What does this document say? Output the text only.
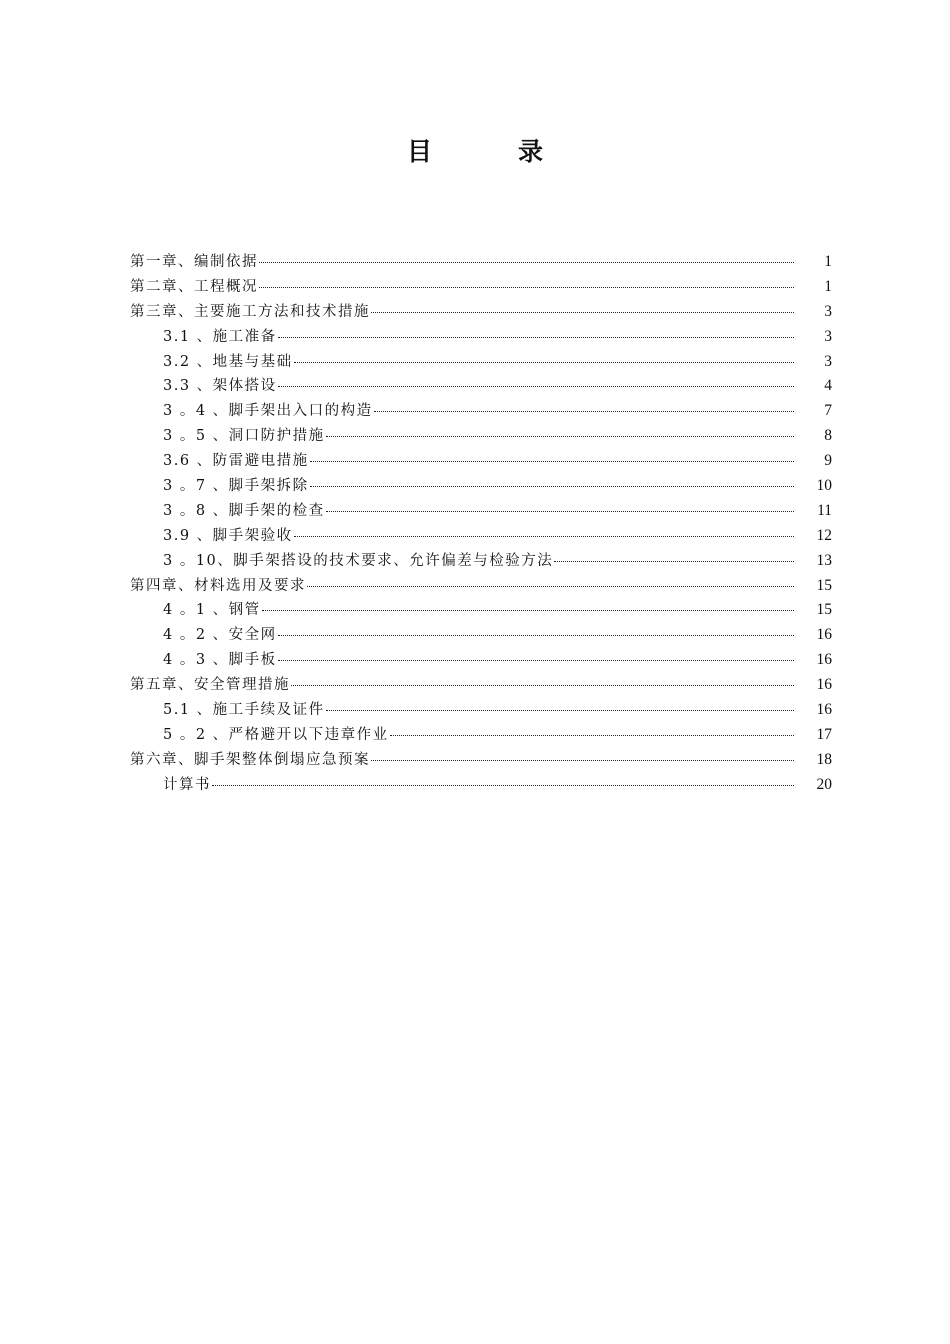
目	录
第一章、编制依据	1
第二章、工程概况	1
第三章、主要施工方法和技术措施	3
3.1 、施工准备	3
3.2 、地基与基础	3
3.3 、架体搭设	4
3 。4 、脚手架出入口的构造	7
3 。5 、洞口防护措施	8
3.6 、防雷避电措施	9
3 。7 、脚手架拆除	10
3 。8 、脚手架的检查	11
3.9 、脚手架验收	12
3 。10、脚手架搭设的技术要求、允许偏差与检验方法	13
第四章、材料选用及要求	15
4 。1 、钢管	15
4 。2 、安全网	16
4 。3 、脚手板	16
第五章、安全管理措施	16
5.1 、施工手续及证件	16
5 。2 、严格避开以下违章作业	17
第六章、脚手架整体倒塌应急预案	18
计算书	20
